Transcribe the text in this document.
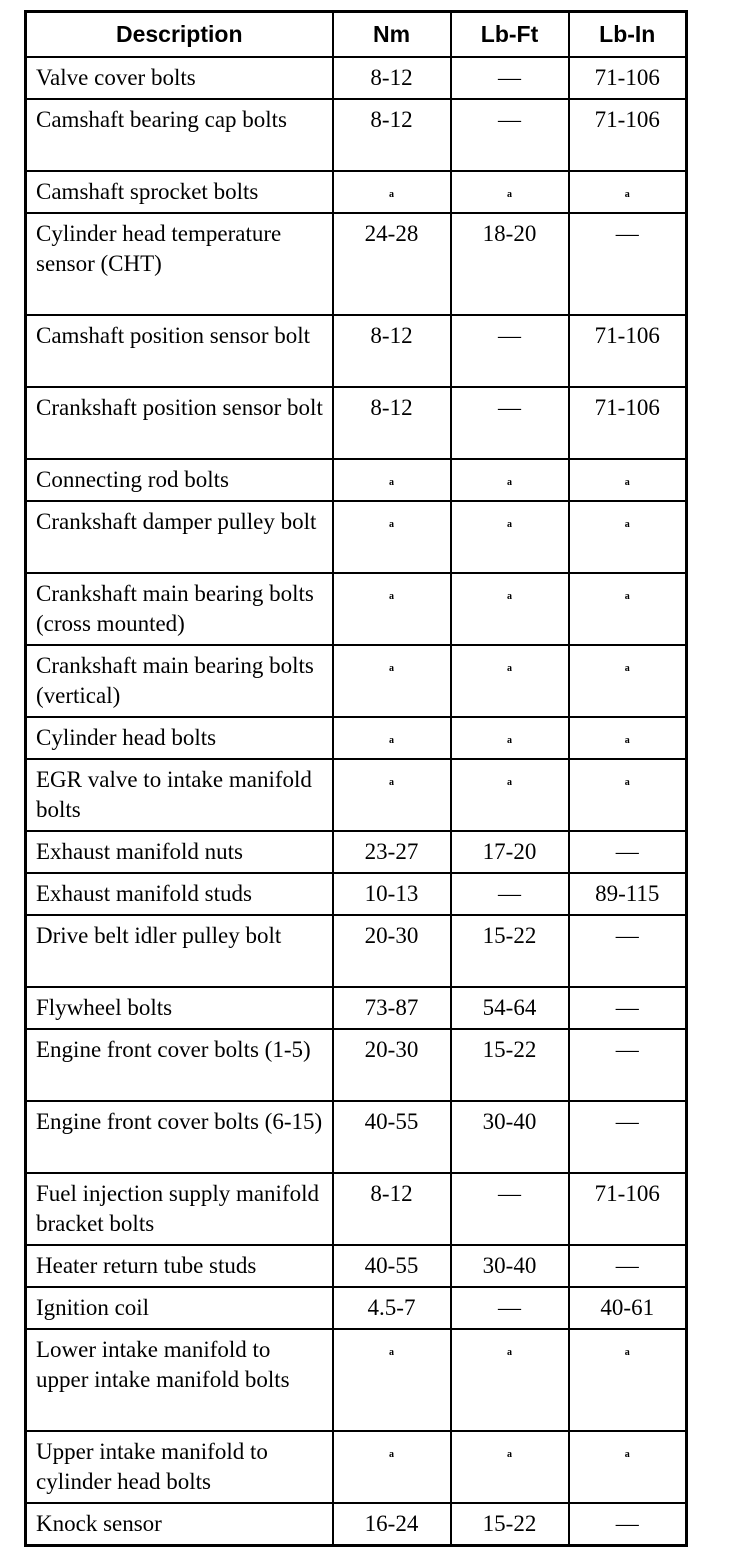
Description	Nm	Lb-Ft	Lb-In
Valve cover bolts	8-12	—	71-106
Camshaft bearing cap bolts	8-12	—	71-106
Camshaft sprocket bolts	a	a	a
Cylinder head temperature sensor (CHT)	24-28	18-20	—
Camshaft position sensor bolt	8-12	—	71-106
Crankshaft position sensor bolt	8-12	—	71-106
Connecting rod bolts	a	a	a
Crankshaft damper pulley bolt	a	a	a
Crankshaft main bearing bolts (cross mounted)	a	a	a
Crankshaft main bearing bolts (vertical)	a	a	a
Cylinder head bolts	a	a	a
EGR valve to intake manifold bolts	a	a	a
Exhaust manifold nuts	23-27	17-20	—
Exhaust manifold studs	10-13	—	89-115
Drive belt idler pulley bolt	20-30	15-22	—
Flywheel bolts	73-87	54-64	—
Engine front cover bolts (1-5)	20-30	15-22	—
Engine front cover bolts (6-15)	40-55	30-40	—
Fuel injection supply manifold bracket bolts	8-12	—	71-106
Heater return tube studs	40-55	30-40	—
Ignition coil	4.5-7	—	40-61
Lower intake manifold to upper intake manifold bolts	a	a	a
Upper intake manifold to cylinder head bolts	a	a	a
Knock sensor	16-24	15-22	—
